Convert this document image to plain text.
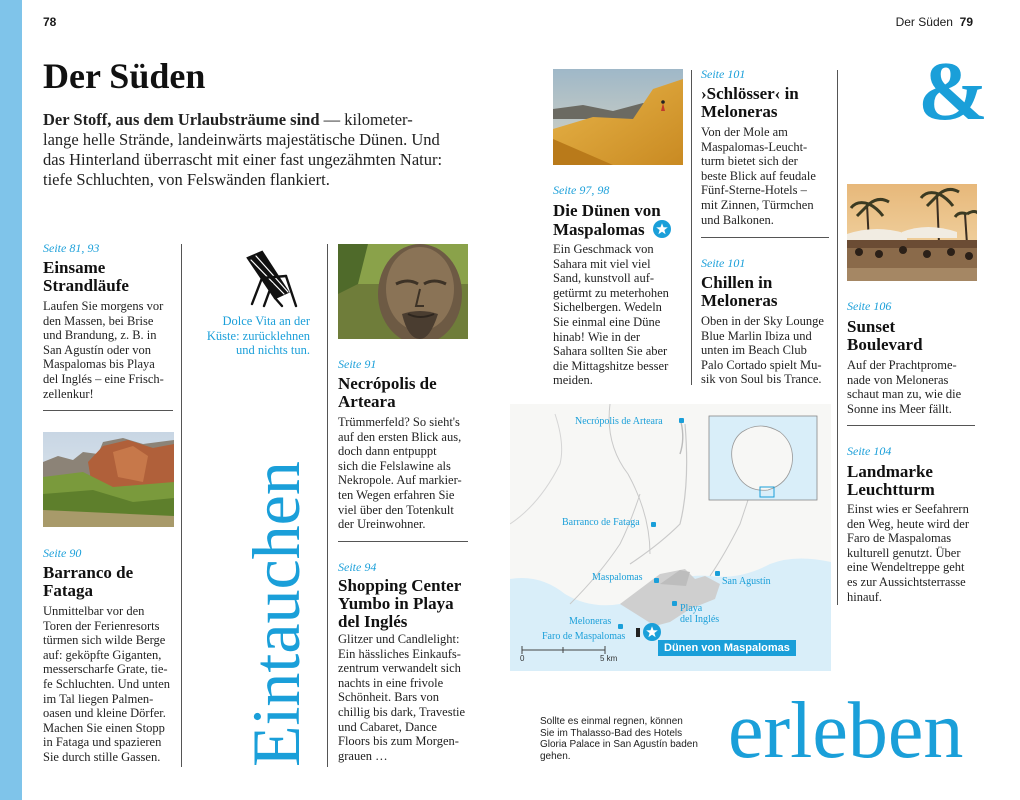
78	Der Süden 79
Der Süden
Der Stoff, aus dem Urlaubsträume sind — kilometer-
lange helle Strände, landeinwärts majestätische Dünen. Und
das Hinterland überrascht mit einer fast ungezähmten Natur:
tiefe Schluchten, von Felswänden flankiert.
Seite 81, 93
Einsame
Strandläufe
Laufen Sie morgens vor
den Massen, bei Brise
und Brandung, z. B. in
San Agustín oder von
Maspalomas bis Playa
del Inglés – eine Frisch-
zellenkur!
Seite 90
Barranco de
Fataga
Unmittelbar vor den
Toren der Ferienresorts
türmen sich wilde Berge
auf: geköpfte Giganten,
messerscharfe Grate, tie-
fe Schluchten. Und unten
im Tal liegen Palmen-
oasen und kleine Dörfer.
Machen Sie einen Stopp
in Fataga und spazieren
Sie durch stille Gassen.
Dolce Vita an der
Küste: zurücklehnen
und nichts tun.
Eintauchen
Seite 91
Necrópolis de
Arteara
Trümmerfeld? So sieht's
auf den ersten Blick aus,
doch dann entpuppt
sich die Felslawine als
Nekropole. Auf markier-
ten Wegen erfahren Sie
viel über den Totenkult
der Ureinwohner.
Seite 94
Shopping Center
Yumbo in Playa
del Inglés
Glitzer und Candlelight:
Ein hässliches Einkaufs-
zentrum verwandelt sich
nachts in eine frivole
Schönheit. Bars von
chillig bis dark, Travestie
und Cabaret, Dance
Floors bis zum Morgen-
grauen …
Seite 97, 98
Die Dünen von
Maspalomas
Ein Geschmack von
Sahara mit viel viel
Sand, kunstvoll auf-
getürmt zu meterhohen
Sichelbergen. Wedeln
Sie einmal eine Düne
hinab! Wie in der
Sahara sollten Sie aber
die Mittagshitze besser
meiden.
Seite 101
›Schlösser‹ in
Meloneras
Von der Mole am
Maspalomas-Leucht-
turm bietet sich der
beste Blick auf feudale
Fünf-Sterne-Hotels –
mit Zinnen, Türmchen
und Balkonen.
Seite 101
Chillen in
Meloneras
Oben in der Sky Lounge
Blue Marlin Ibiza und
unten im Beach Club
Palo Cortado spielt Mu-
sik von Soul bis Trance.
&
Seite 106
Sunset
Boulevard
Auf der Prachtprome-
nade von Meloneras
schaut man zu, wie die
Sonne ins Meer fällt.
Seite 104
Landmarke
Leuchtturm
Einst wies er Seefahrern
den Weg, heute wird der
Faro de Maspalomas
kulturell genutzt. Über
eine Wendeltreppe geht
es zur Aussichtsterrasse
hinauf.
Necrópolis de Arteara
Barranco de Fataga
Maspalomas	San Agustín
Playa
del Inglés
Meloneras
Faro de Maspalomas
Dünen von Maspalomas
0	5 km
Sollte es einmal regnen, können
Sie im Thalasso-Bad des Hotels
Gloria Palace in San Agustín baden
gehen.	erleben
